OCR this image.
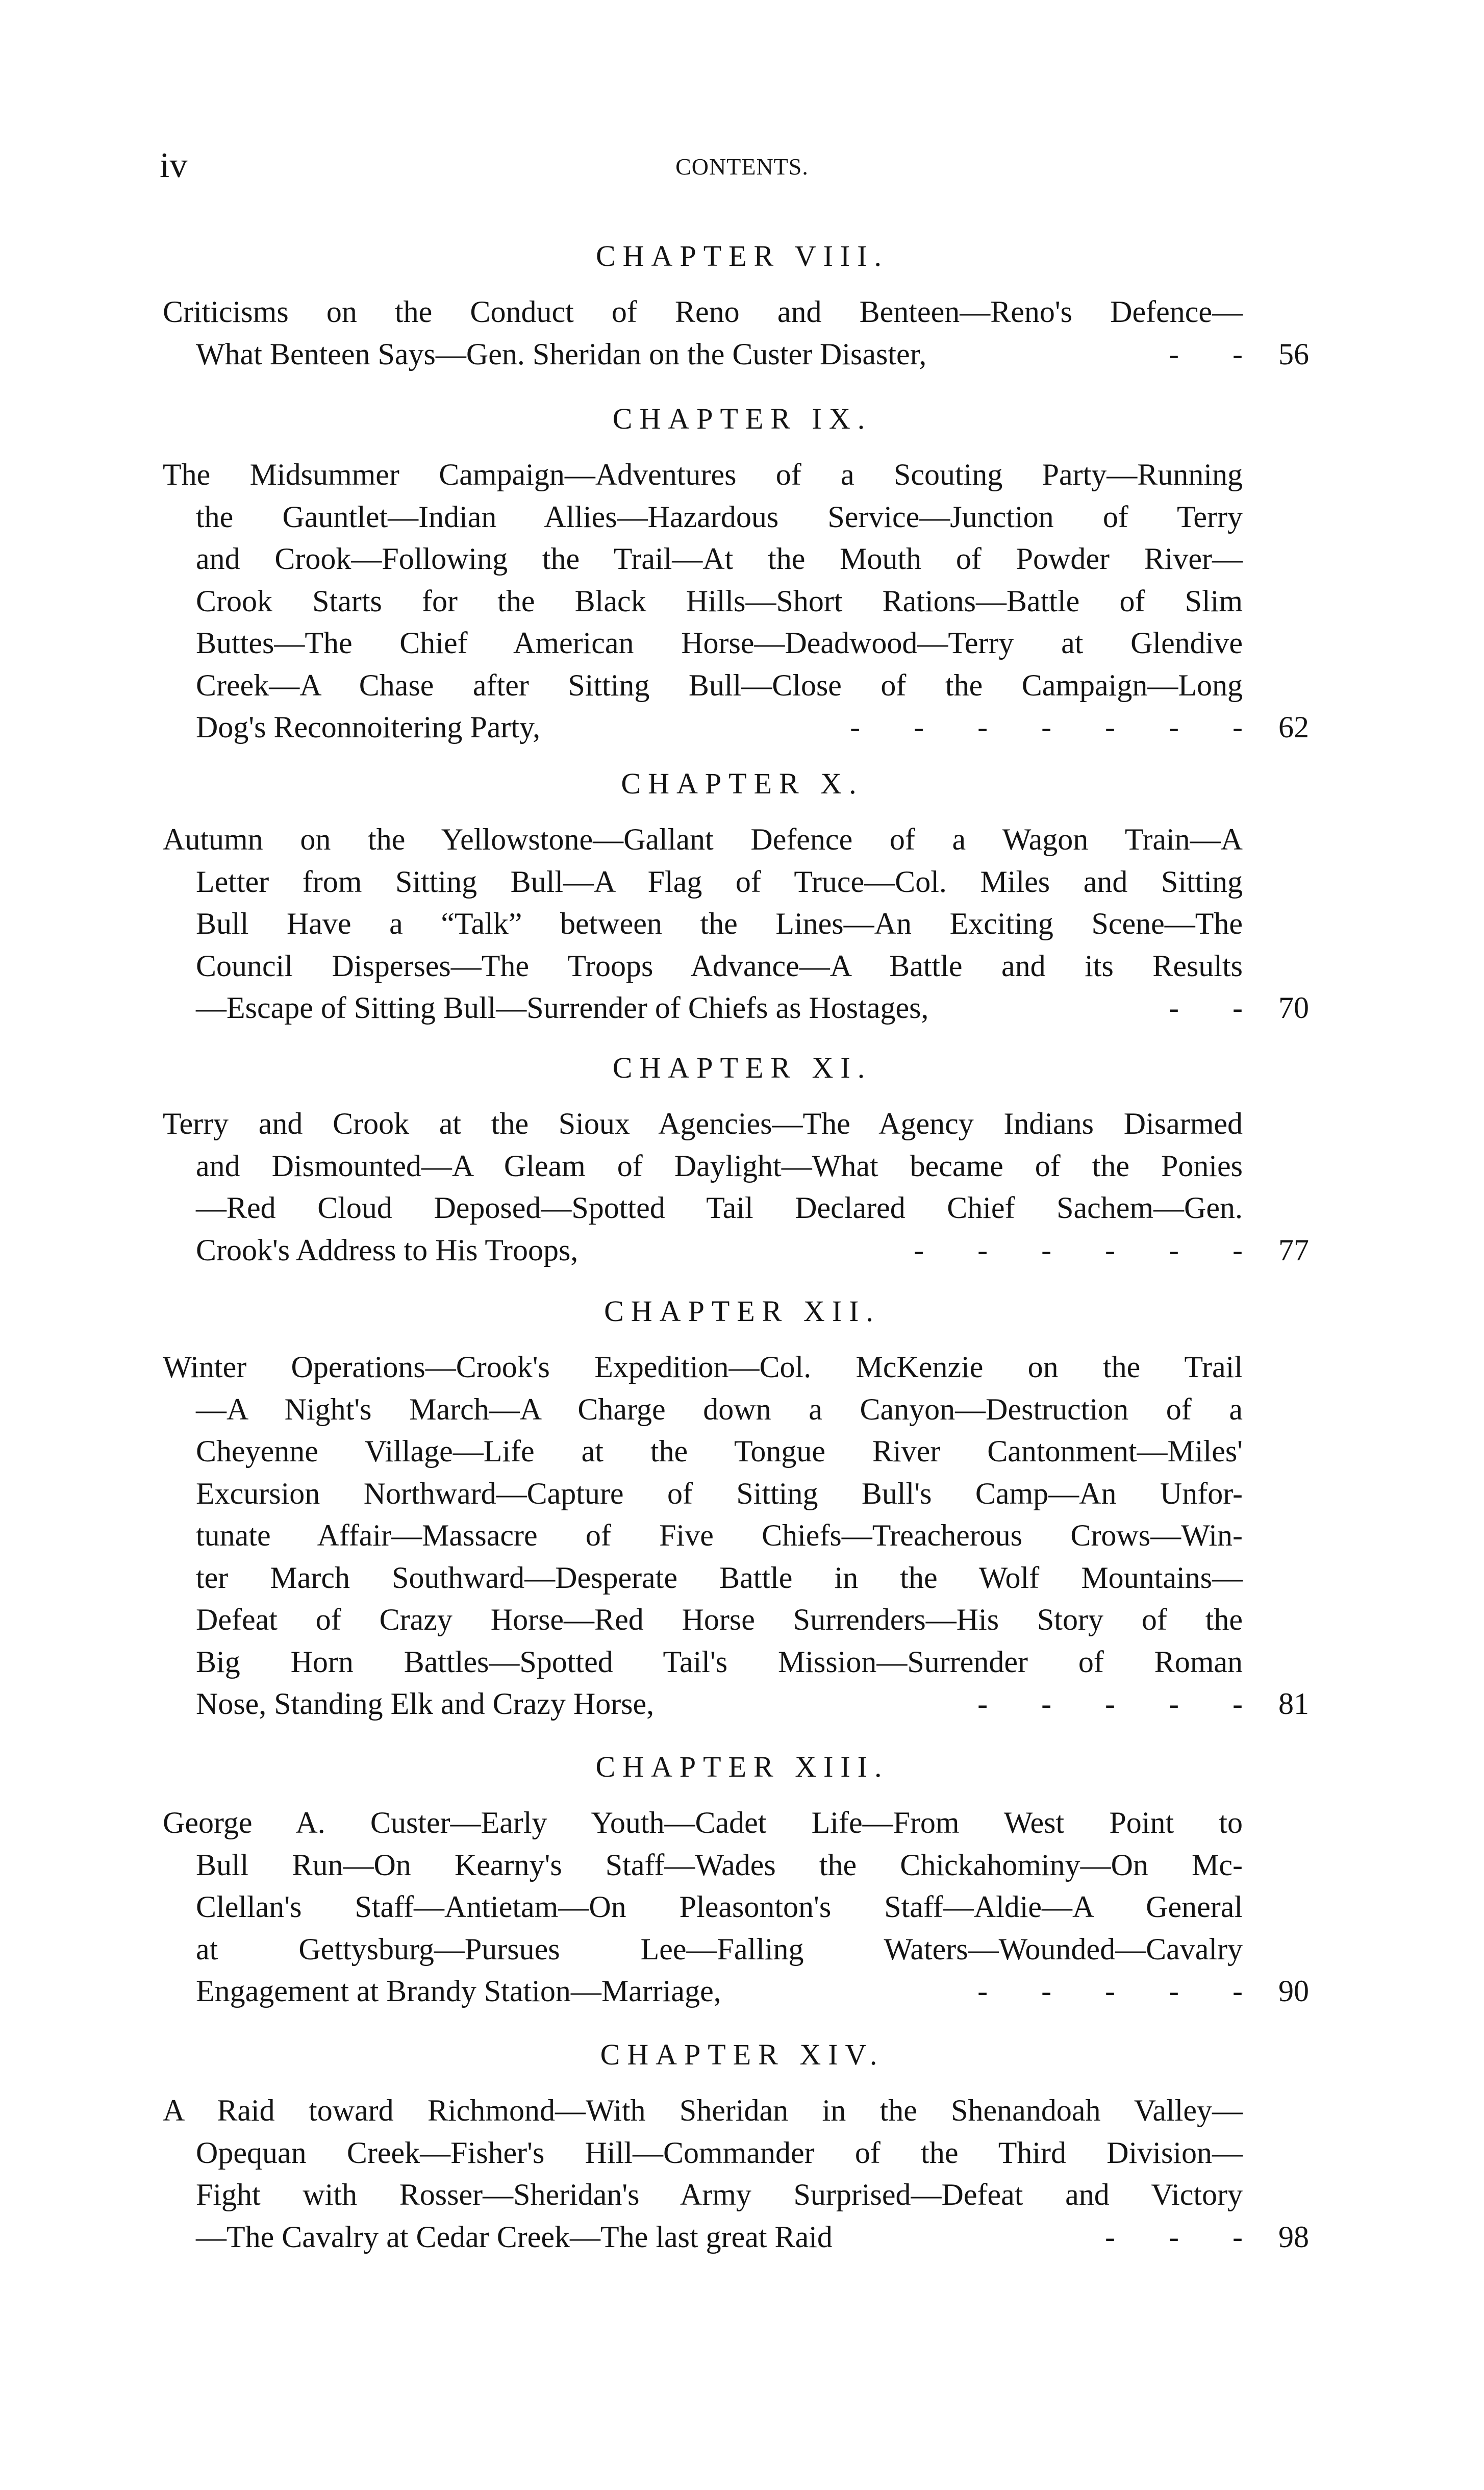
iv	CONTENTS.
CHAPTER VIII.
Criticisms on the Conduct of Reno and Benteen—Reno's Defence—
What Benteen Says—Gen. Sheridan on the Custer Disaster,	- -	56
CHAPTER IX.
The Midsummer Campaign—Adventures of a Scouting Party—Running
the Gauntlet—Indian Allies—Hazardous Service—Junction of Terry
and Crook—Following the Trail—At the Mouth of Powder River—
Crook Starts for the Black Hills—Short Rations—Battle of Slim
Buttes—The Chief American Horse—Deadwood—Terry at Glendive
Creek—A Chase after Sitting Bull—Close of the Campaign—Long
Dog's Reconnoitering Party,	- - - - - - -	62
CHAPTER X.
Autumn on the Yellowstone—Gallant Defence of a Wagon Train—A
Letter from Sitting Bull—A Flag of Truce—Col. Miles and Sitting
Bull Have a “Talk” between the Lines—An Exciting Scene—The
Council Disperses—The Troops Advance—A Battle and its Results
—Escape of Sitting Bull—Surrender of Chiefs as Hostages,	- -	70
CHAPTER XI.
Terry and Crook at the Sioux Agencies—The Agency Indians Disarmed
and Dismounted—A Gleam of Daylight—What became of the Ponies
—Red Cloud Deposed—Spotted Tail Declared Chief Sachem—Gen.
Crook's Address to His Troops,	- - - - - -	77
CHAPTER XII.
Winter Operations—Crook's Expedition—Col. McKenzie on the Trail
—A Night's March—A Charge down a Canyon—Destruction of a
Cheyenne Village—Life at the Tongue River Cantonment—Miles'
Excursion Northward—Capture of Sitting Bull's Camp—An Unfor-
tunate Affair—Massacre of Five Chiefs—Treacherous Crows—Win-
ter March Southward—Desperate Battle in the Wolf Mountains—
Defeat of Crazy Horse—Red Horse Surrenders—His Story of the
Big Horn Battles—Spotted Tail's Mission—Surrender of Roman
Nose, Standing Elk and Crazy Horse,	- - - - -	81
CHAPTER XIII.
George A. Custer—Early Youth—Cadet Life—From West Point to
Bull Run—On Kearny's Staff—Wades the Chickahominy—On Mc-
Clellan's Staff—Antietam—On Pleasonton's Staff—Aldie—A General
at Gettysburg—Pursues Lee—Falling Waters—Wounded—Cavalry
Engagement at Brandy Station—Marriage,	- - - - -	90
CHAPTER XIV.
A Raid toward Richmond—With Sheridan in the Shenandoah Valley—
Opequan Creek—Fisher's Hill—Commander of the Third Division—
Fight with Rosser—Sheridan's Army Surprised—Defeat and Victory
—The Cavalry at Cedar Creek—The last great Raid	- - -	98
